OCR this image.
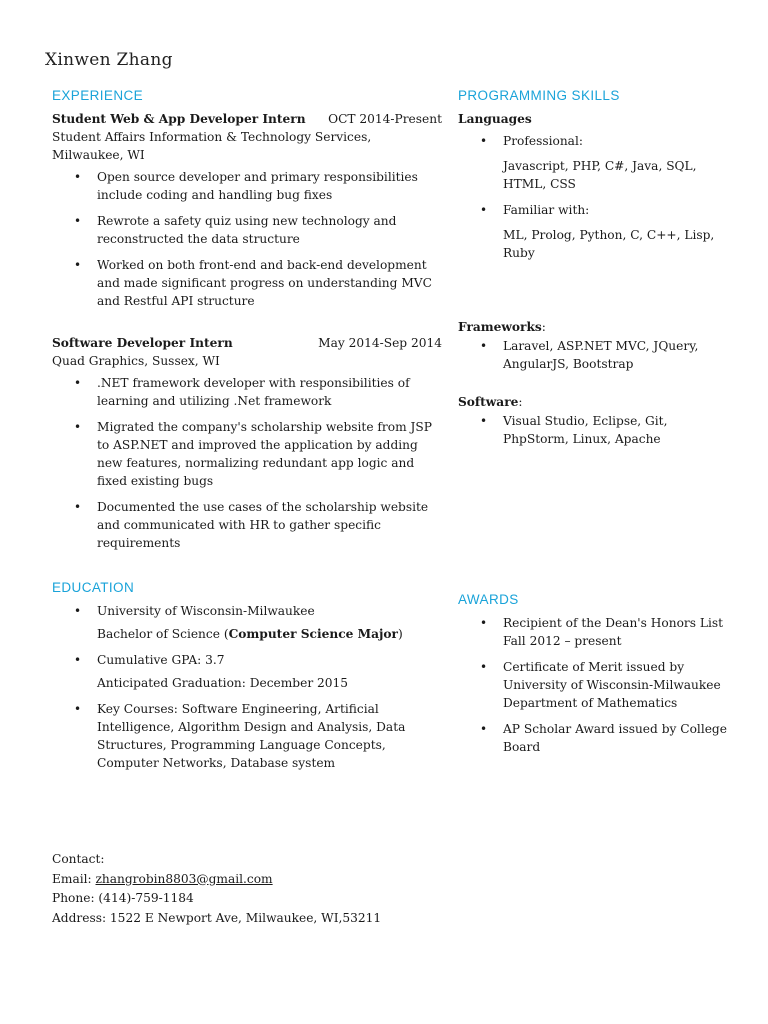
Xinwen Zhang
EXPERIENCE
Student Web & App Developer Intern OCT 2014-Present
Student Affairs Information & Technology Services,
Milwaukee, WI
• Open source developer and primary responsibilities include coding and handling bug fixes
• Rewrote a safety quiz using new technology and reconstructed the data structure
• Worked on both front-end and back-end development and made significant progress on understanding MVC and Restful API structure
Software Developer Intern	May 2014-Sep 2014
Quad Graphics, Sussex, WI
• .NET framework developer with responsibilities of learning and utilizing .Net framework
• Migrated the company's scholarship website from JSP to ASP.NET and improved the application by adding new features, normalizing redundant app logic and fixed existing bugs
• Documented the use cases of the scholarship website and communicated with HR to gather specific requirements
EDUCATION
• University of Wisconsin-Milwaukee
Bachelor of Science (Computer Science Major)
• Cumulative GPA: 3.7
Anticipated Graduation: December 2015
• Key Courses: Software Engineering, Artificial Intelligence, Algorithm Design and Analysis, Data Structures, Programming Language Concepts, Computer Networks, Database system
PROGRAMMING SKILLS
Languages
• Professional:
Javascript, PHP, C#, Java, SQL, HTML, CSS
• Familiar with:
ML, Prolog, Python, C, C++, Lisp, Ruby
Frameworks:
• Laravel, ASP.NET MVC, JQuery, AngularJS, Bootstrap
Software:
• Visual Studio, Eclipse, Git, PhpStorm, Linux, Apache
AWARDS
• Recipient of the Dean's Honors List Fall 2012 – present
• Certificate of Merit issued by University of Wisconsin-Milwaukee Department of Mathematics
• AP Scholar Award issued by College Board
Contact:
Email: zhangrobin8803@gmail.com
Phone: (414)-759-1184
Address: 1522 E Newport Ave, Milwaukee, WI,53211
